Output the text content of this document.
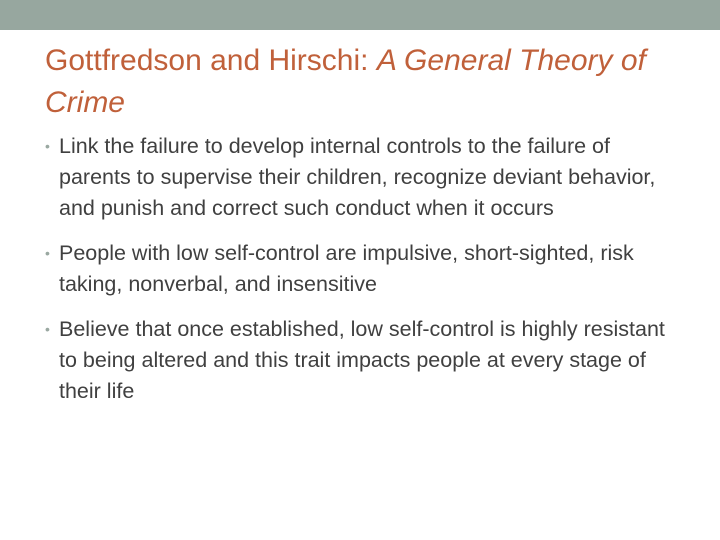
Gottfredson and Hirschi: A General Theory of Crime
• Link the failure to develop internal controls to the failure of parents to supervise their children, recognize deviant behavior, and punish and correct such conduct when it occurs
• People with low self-control are impulsive, short-sighted, risk taking, nonverbal, and insensitive
• Believe that once established, low self-control is highly resistant to being altered and this trait impacts people at every stage of their life
